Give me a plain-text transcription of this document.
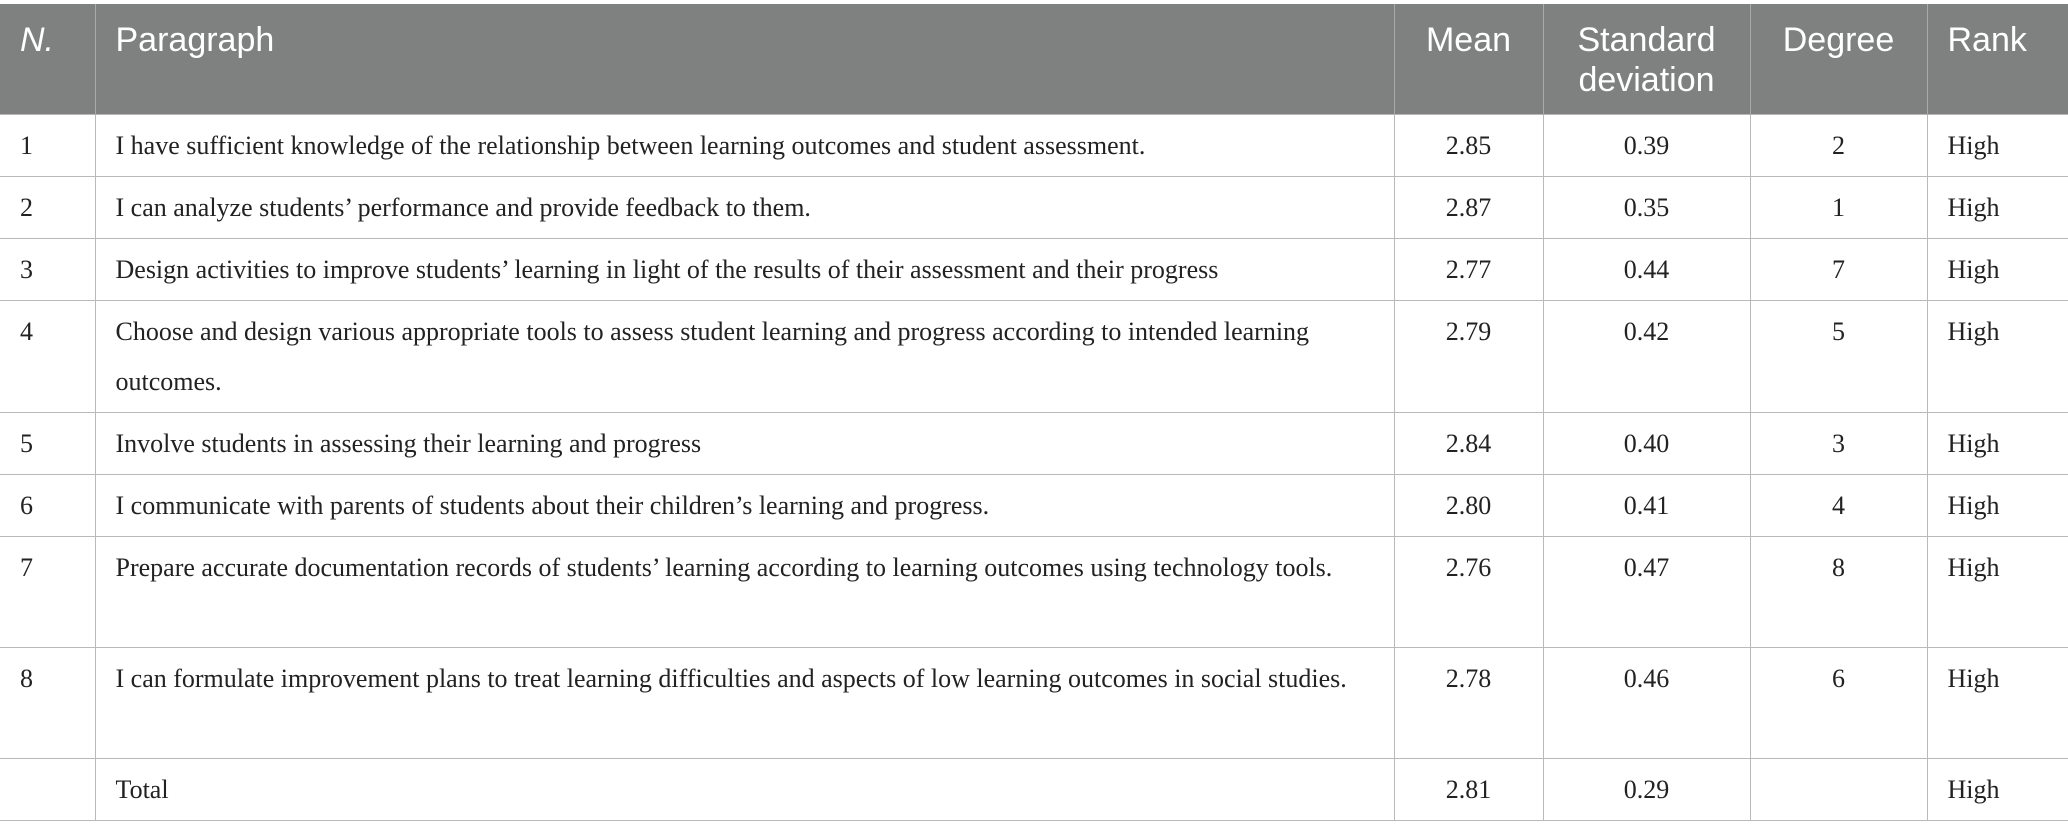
N.	Paragraph	Mean	Standard deviation	Degree	Rank
1	I have sufficient knowledge of the relationship between learning outcomes and student assessment.	2.85	0.39	2	High
2	I can analyze students’ performance and provide feedback to them.	2.87	0.35	1	High
3	Design activities to improve students’ learning in light of the results of their assessment and their progress	2.77	0.44	7	High
4	Choose and design various appropriate tools to assess student learning and progress according to intended learning outcomes.	2.79	0.42	5	High
5	Involve students in assessing their learning and progress	2.84	0.40	3	High
6	I communicate with parents of students about their children’s learning and progress.	2.80	0.41	4	High
7	Prepare accurate documentation records of students’ learning according to learning outcomes using technology tools.	2.76	0.47	8	High
8	I can formulate improvement plans to treat learning difficulties and aspects of low learning outcomes in social studies.	2.78	0.46	6	High
	Total	2.81	0.29		High
